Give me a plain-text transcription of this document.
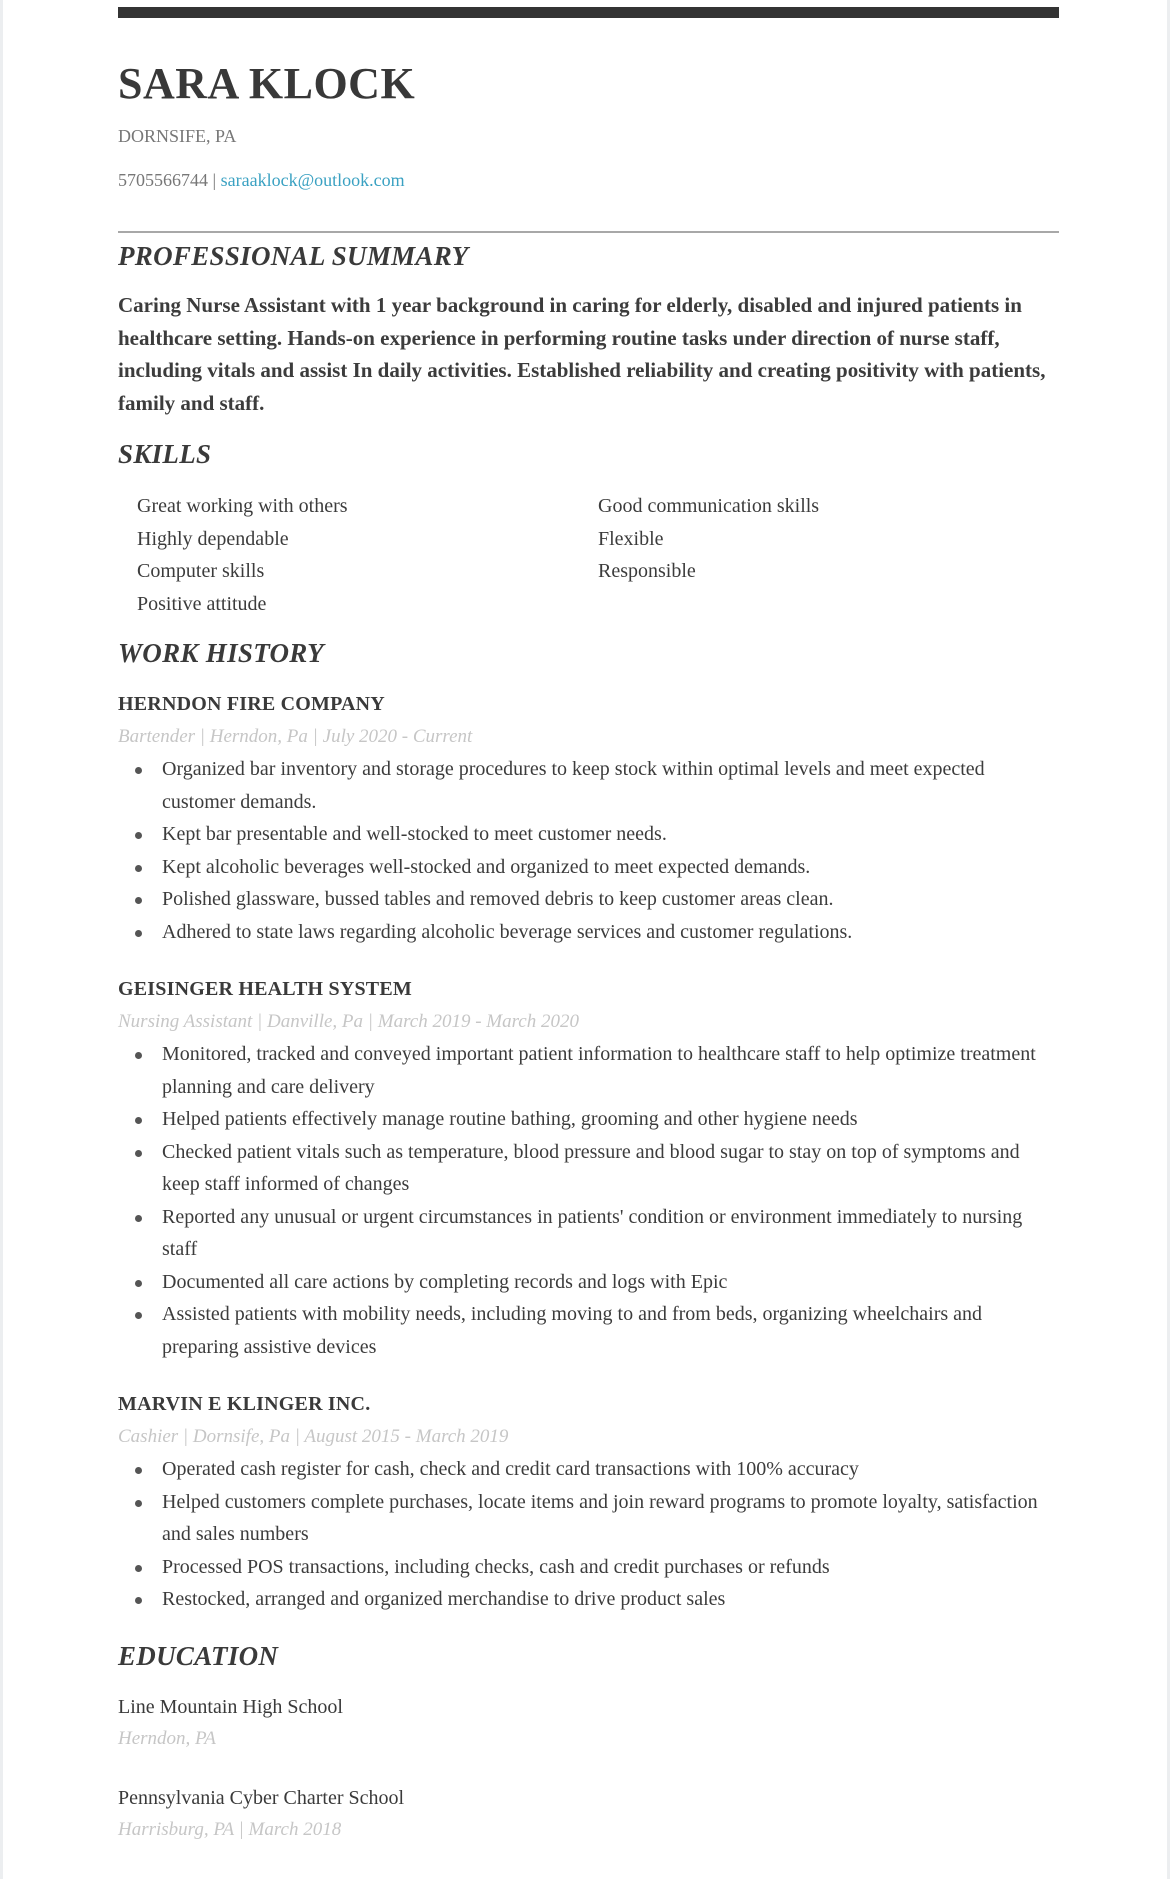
SARA KLOCK
DORNSIFE, PA
5705566744 | saraaklock@outlook.com
PROFESSIONAL SUMMARY

Caring Nurse Assistant with 1 year background in caring for elderly, disabled and injured patients in healthcare setting. Hands-on experience in performing routine tasks under direction of nurse staff, including vitals and assist In daily activities. Established reliability and creating positivity with patients, family and staff.

SKILLS
Great working with others
Highly dependable
Computer skills
Positive attitude
Good communication skills
Flexible
Responsible
WORK HISTORY
HERNDON FIRE COMPANY
Bartender | Herndon, Pa | July 2020 - Current
Organized bar inventory and storage procedures to keep stock within optimal levels and meet expected customer demands.
Kept bar presentable and well-stocked to meet customer needs.
Kept alcoholic beverages well-stocked and organized to meet expected demands.
Polished glassware, bussed tables and removed debris to keep customer areas clean.
Adhered to state laws regarding alcoholic beverage services and customer regulations.
GEISINGER HEALTH SYSTEM
Nursing Assistant | Danville, Pa | March 2019 - March 2020
Monitored, tracked and conveyed important patient information to healthcare staff to help optimize treatment planning and care delivery
Helped patients effectively manage routine bathing, grooming and other hygiene needs
Checked patient vitals such as temperature, blood pressure and blood sugar to stay on top of symptoms and keep staff informed of changes
Reported any unusual or urgent circumstances in patients' condition or environment immediately to nursing staff
Documented all care actions by completing records and logs with Epic
Assisted patients with mobility needs, including moving to and from beds, organizing wheelchairs and preparing assistive devices
MARVIN E KLINGER INC.
Cashier | Dornsife, Pa | August 2015 - March 2019
Operated cash register for cash, check and credit card transactions with 100% accuracy
Helped customers complete purchases, locate items and join reward programs to promote loyalty, satisfaction and sales numbers
Processed POS transactions, including checks, cash and credit purchases or refunds
Restocked, arranged and organized merchandise to drive product sales
EDUCATION
Line Mountain High School
Herndon, PA
Pennsylvania Cyber Charter School
Harrisburg, PA | March 2018
